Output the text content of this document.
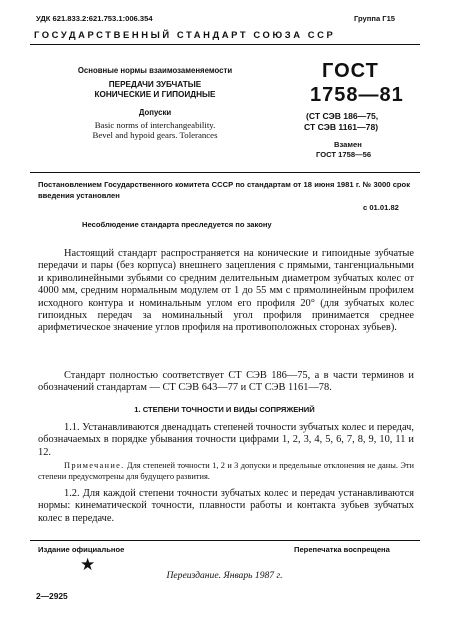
УДК 621.833.2:621.753.1:006.354	Группа Г15
ГОСУДАРСТВЕННЫЙ СТАНДАРТ СОЮЗА ССР

Основные нормы взаимозаменяемости

ПЕРЕДАЧИ ЗУБЧАТЫЕ
КОНИЧЕСКИЕ И ГИПОИДНЫЕ

Допуски

Basic norms of interchangeability.
Bevel and hypoid gears. Tolerances

ГОСТ
1758—81
(СТ СЭВ 186—75,
СТ СЭВ 1161—78)
Взамен
ГОСТ 1758—56
Постановлением Государственного комитета СССР по стандартам от 18 июня 1981 г. № 3000 срок введения установлен
с 01.01.82
Несоблюдение стандарта преследуется по закону

Настоящий стандарт распространяется на конические и гипоидные зубчатые передачи и пары (без корпуса) внешнего зацепления с прямыми, тангенциальными и криволинейными зубьями со средним делительным диаметром зубчатых колес от 4000 мм, средним нормальным модулем от 1 до 55 мм с прямолинейным профилем исходного контура и номинальным углом его профиля 20° (для зубчатых колес гипоидных передач за номинальный угол профиля принимается среднее арифметическое значение углов профиля на противоположных сторонах зубьев).

Стандарт полностью соответствует СТ СЭВ 186—75, а в части терминов и обозначений стандартам — СТ СЭВ 643—77 и СТ СЭВ 1161—78.

1. СТЕПЕНИ ТОЧНОСТИ И ВИДЫ СОПРЯЖЕНИЙ

1.1. Устанавливаются двенадцать степеней точности зубчатых колес и передач, обозначаемых в порядке убывания точности цифрами 1, 2, 3, 4, 5, 6, 7, 8, 9, 10, 11 и 12.

Примечание. Для степеней точности 1, 2 и 3 допуски и предельные отклонения не даны. Эти степени предусмотрены для будущего развития.

1.2. Для каждой степени точности зубчатых колес и передач устанавливаются нормы: кинематической точности, плавности работы и контакта зубьев зубчатых колес в передаче.

Издание официальное	Перепечатка воспрещена
★
Переиздание. Январь 1987 г.
2—2925
